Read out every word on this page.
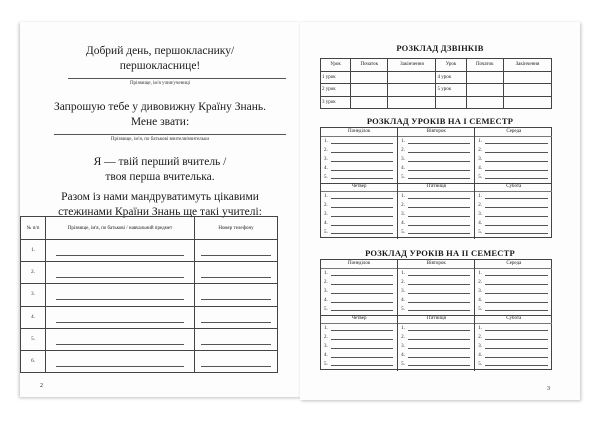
Добрий день, першокласнику/
першокласнице!
Прізвище, ім'я учня/учениці
Запрошую тебе у дивовижну Країну Знань.
Мене звати:
Прізвище, ім'я, по батькові вчителя/вчительки
Я — твій перший вчитель /
твоя перша вчителька.
Разом із нами мандруватимуть цікавими
стежинами Країни Знань ще такі учителі:
2
№ п/п	Прізвище, ім'я, по батькові / навчальний предмет	Номер телефону
1.	

2.	

3.	

4.	

5.	

6.	

РОЗКЛАД ДЗВІНКІВ
РОЗКЛАД УРОКІВ НА І СЕМЕСТР
РОЗКЛАД УРОКІВ НА ІІ СЕМЕСТР
3
Урок	Початок	Закінчення	Урок	Початок	Закінчення
1 урок			4 урок		
2 урок			5 урок		
3 урок					
Понеділок
1.
2.
3.
4.
5.
Вівторок
1.
2.
3.
4.
5.
Середа
1.
2.
3.
4.
5.
Четвер
1.
2.
3.
4.
5.
П'ятниця
1.
2.
3.
4.
5.
Субота
1.
2.
3.
4.
5.
Понеділок
1.
2.
3.
4.
5.
Вівторок
1.
2.
3.
4.
5.
Середа
1.
2.
3.
4.
5.
Четвер
1.
2.
3.
4.
5.
П'ятниця
1.
2.
3.
4.
5.
Субота
1.
2.
3.
4.
5.
